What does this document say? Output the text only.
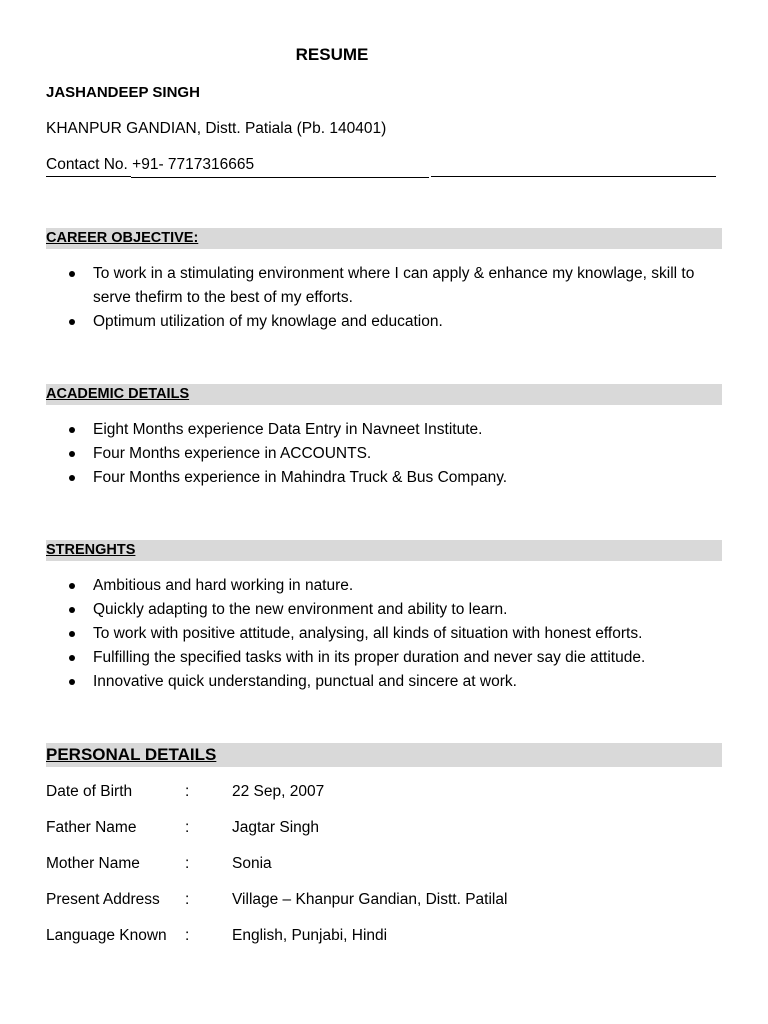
RESUME
JASHANDEEP SINGH
KHANPUR GANDIAN, Distt. Patiala (Pb. 140401)
Contact No. +91- 7717316665
CAREER OBJECTIVE:
To work in a stimulating environment where I can apply & enhance my knowlage, skill to serve thefirm to the best of my efforts.
Optimum utilization of my knowlage and education.
ACADEMIC DETAILS
Eight Months experience Data Entry in Navneet Institute.
Four Months experience in ACCOUNTS.
Four Months experience in Mahindra Truck & Bus Company.
STRENGHTS
Ambitious and hard working in nature.
Quickly adapting to the new environment and ability to learn.
To work with positive attitude, analysing, all kinds of situation with honest efforts.
Fulfilling the specified tasks with in its proper duration and never say die attitude.
Innovative quick understanding, punctual and sincere at work.
PERSONAL DETAILS
Date of Birth	:	22 Sep, 2007
Father Name	:	Jagtar Singh
Mother Name	:	Sonia
Present Address :	Village – Khanpur Gandian, Distt. Patilal
Language Known :	English, Punjabi, Hindi
